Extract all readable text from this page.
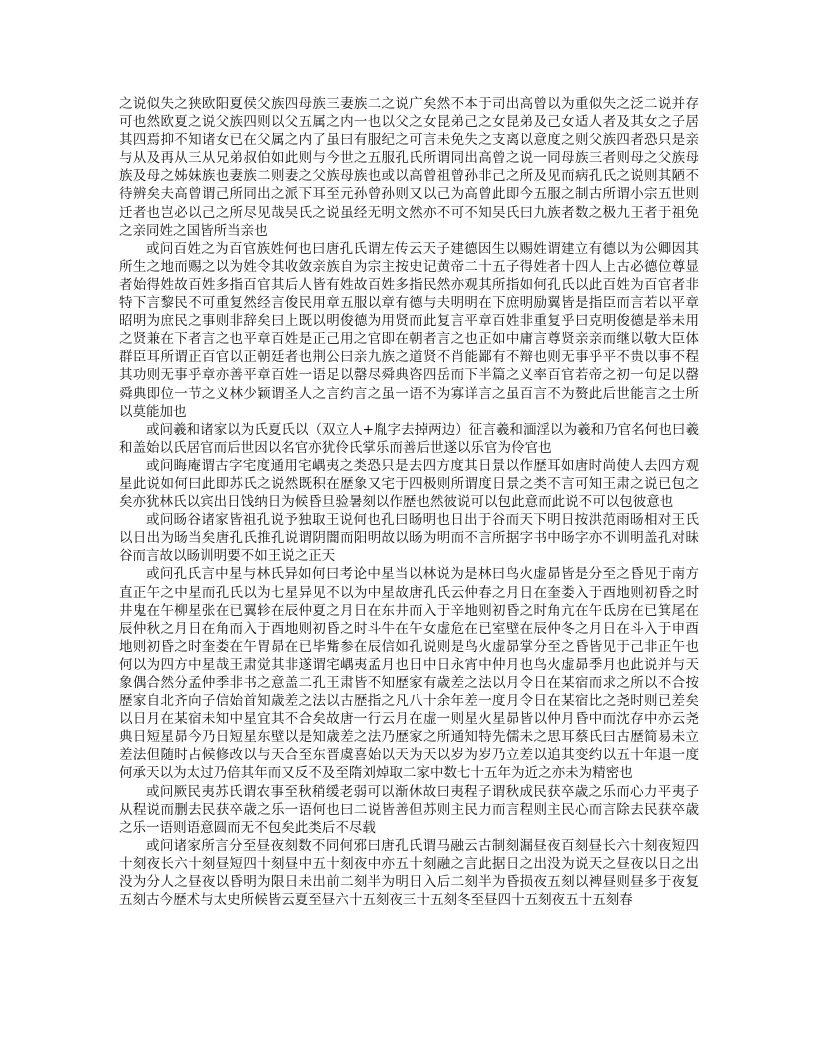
之说似失之狭欧阳夏侯父族四母族三妻族二之说广矣然不本于司出高曾以为重似失之泛二说并存可也然欧夏之说父族四则以父五属之内一也以父之女昆弟己之女昆弟及己女适人者及其女之子居其四焉抑不知诸女已在父属之内了虽曰有服纪之可言未免失之支离以意度之则父族四者恐只是亲与从及再从三从兄弟叔伯如此则与今世之五服孔氏所谓同出高曾之说一同母族三者则母之父族母族及母之姊妹族也妻族二则妻之父族母族也或以高曾祖曾孙非己之所及见而病孔氏之说则其陋不待辨矣夫高曾谓己所同出之派下耳至元孙曾孙则又以己为高曾此即今五服之制古所谓小宗五世则迁者也岂必以己之所尽见哉吴氏之说虽经无明文然亦不可不知吴氏曰九族者数之极九王者于祖免之亲同姓之国皆所当亲也

或问百姓之为百官族姓何也曰唐孔氏谓左传云天子建德因生以赐姓谓建立有德以为公卿因其所生之地而赐之以为姓令其收敛亲族自为宗主按史记黄帝二十五子得姓者十四人上古必德位尊显者始得姓故百姓多指百官其后人皆有姓故百姓多指民然亦观其所指如何孔氏以此百姓为百官者非特下言黎民不可重复然经言俊民用章五服以章有德与夫明明在下庶明励翼皆是指臣而言若以平章昭明为庶民之事则非辞矣曰上既以明俊德为用贤而此复言平章百姓非重复乎曰克明俊德是举未用之贤兼在下者言之也平章百姓是正己用之官即在朝者言之也正如中庸言尊贤亲亲而继以敬大臣体群臣耳所谓正百官以正朝廷者也荆公曰亲九族之道贤不肖能鄙有不辩也则无事乎平不贵以事不程其功则无事乎章亦善平章百姓一语足以罄尽舜典咨四岳而下半篇之义率百官若帝之初一句足以罄舜典即位一节之义林少颖谓圣人之言约言之虽一语不为寡详言之虽百言不为赘此后世能言之士所以莫能加也

或问羲和诸家以为氏夏氏以（双立人+胤字去掉两边）征言羲和湎淫以为羲和乃官名何也曰羲和盖始以氏居官而后世因以名官亦犹伶氏掌乐而善后世遂以乐官为伶官也

或问晦庵谓古字宅度通用宅嵎夷之类恐只是去四方度其日景以作歴耳如唐时尚使人去四方观星此说如何曰此即苏氏之说然既积在歴象又宅于四极则所谓度日景之类不言可知王肃之说已包之矣亦犹林氏以宾出日饯纳日为候昏旦验暑刻以作歴也然彼说可以包此意而此说不可以包彼意也

或问旸谷诸家皆祖孔说予独取王说何也孔曰旸明也日出于谷而天下明日按洪范雨旸相对王氏以日出为旸当矣唐孔氏推孔说谓阴闇而阳明故以旸为明而不言所据字书中旸字亦不训明盖孔对昧谷而言故以旸训明要不如王说之正天

或问孔氏言中星与林氏异如何曰考论中星当以林说为是林曰鸟火虚昴皆是分至之昏见于南方直正午之中星而孔氏以为七星异见不以为中星故唐孔氏云仲春之月日在奎娄入于酉地则初昏之时井鬼在午柳星张在已翼轸在辰仲夏之月日在东井而入于辛地则初昏之时角亢在午氐房在已箕尾在辰仲秋之月日在角而入于酉地则初昏之时斗牛在午女虚危在已室壁在辰仲冬之月日在斗入于申酉地则初昏之时奎娄在午胃昴在已毕觜参在辰信如孔说则是鸟火虚昴掌分至之昏皆见于己非正午也何以为四方中星哉王肃觉其非遂谓宅嵎夷孟月也日中日永宵中仲月也鸟火虚昴季月也此说并与天象偶合然分孟仲季非书之意盖二孔王肃皆不知歴家有歳差之法以月令日在某宿而求之所以不合按歴家自北齐向子信始首知歳差之法以古歴指之凡八十余年差一度月令日在某宿比之尧时则已差矣以日月在某宿未知中星宜其不合矣故唐一行云月在虚一则星火星昴皆以仲月昏中而沈存中亦云尧典日短星昴今乃日短星东壁以是知歳差之法乃歴家之所通知特先儒未之思耳蔡氏曰古歴简易未立差法但随时占候修改以与天合至东晋虞喜始以天为天以岁为岁乃立差以追其变约以五十年退一度何承天以为太过乃倍其年而又反不及至隋刘焯取二家中数七十五年为近之亦未为精密也

或问厥民夷苏氏谓农事至秋稍缓老弱可以渐休故曰夷程子谓秋成民获卒歳之乐而心力平夷子从程说而删去民获卒歳之乐一语何也曰二说皆善但苏则主民力而言程则主民心而言除去民获卒歳之乐一语则语意圆而无不包矣此类后不尽载

或问诸家所言分至昼夜刻数不同何邪曰唐孔氏谓马融云古制刻漏昼夜百刻昼长六十刻夜短四十刻夜长六十刻昼短四十刻昼中五十刻夜中亦五十刻融之言此据日之出没为说天之昼夜以日之出没为分人之昼夜以昏明为限日未出前二刻半为明日入后二刻半为昏损夜五刻以裨昼则昼多于夜复五刻古今歴术与太史所候皆云夏至昼六十五刻夜三十五刻冬至昼四十五刻夜五十五刻春
